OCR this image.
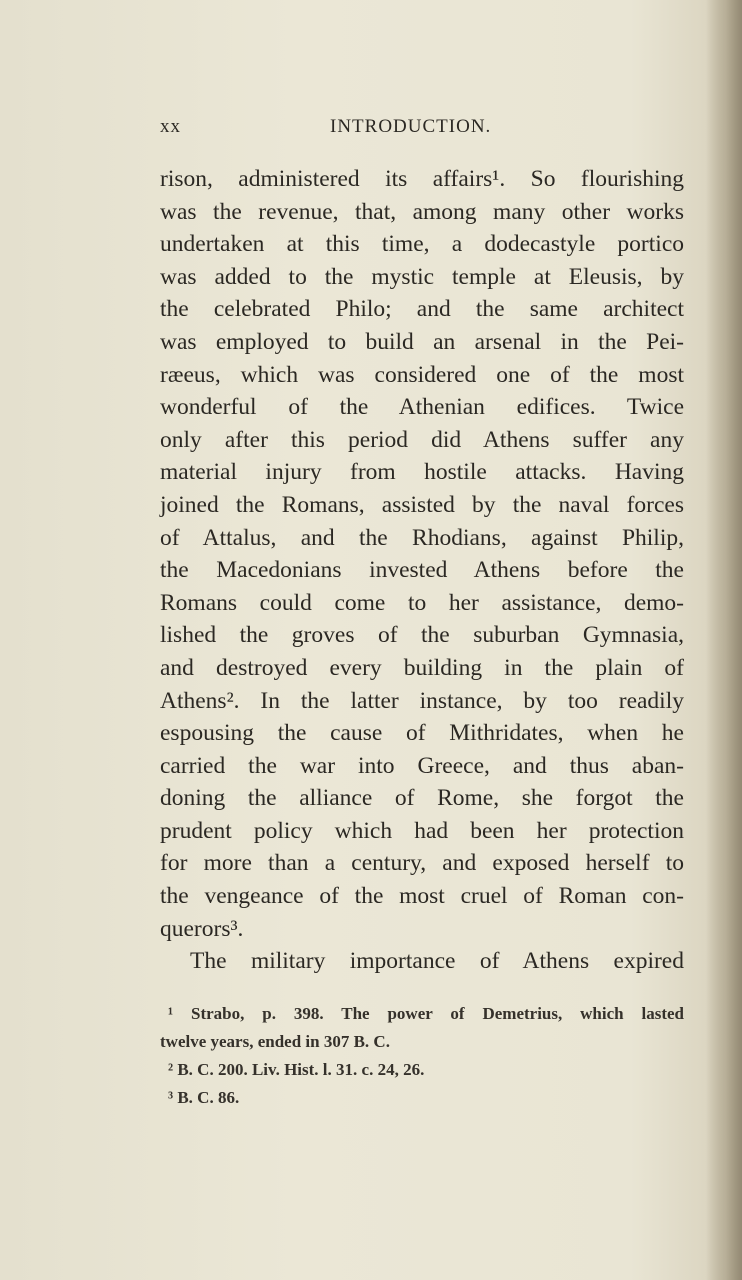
xx	INTRODUCTION.
rison, administered its affairs¹. So flourishing
was the revenue, that, among many other works
undertaken at this time, a dodecastyle portico
was added to the mystic temple at Eleusis, by
the celebrated Philo; and the same architect
was employed to build an arsenal in the Pei-
ræeus, which was considered one of the most
wonderful of the Athenian edifices. Twice
only after this period did Athens suffer any
material injury from hostile attacks. Having
joined the Romans, assisted by the naval forces
of Attalus, and the Rhodians, against Philip,
the Macedonians invested Athens before the
Romans could come to her assistance, demo-
lished the groves of the suburban Gymnasia,
and destroyed every building in the plain of
Athens². In the latter instance, by too readily
espousing the cause of Mithridates, when he
carried the war into Greece, and thus aban-
doning the alliance of Rome, she forgot the
prudent policy which had been her protection
for more than a century, and exposed herself to
the vengeance of the most cruel of Roman con-
querors³.
The military importance of Athens expired
¹ Strabo, p. 398. The power of Demetrius, which lasted
twelve years, ended in 307 B. C.
² B. C. 200. Liv. Hist. l. 31. c. 24, 26.
³ B. C. 86.
